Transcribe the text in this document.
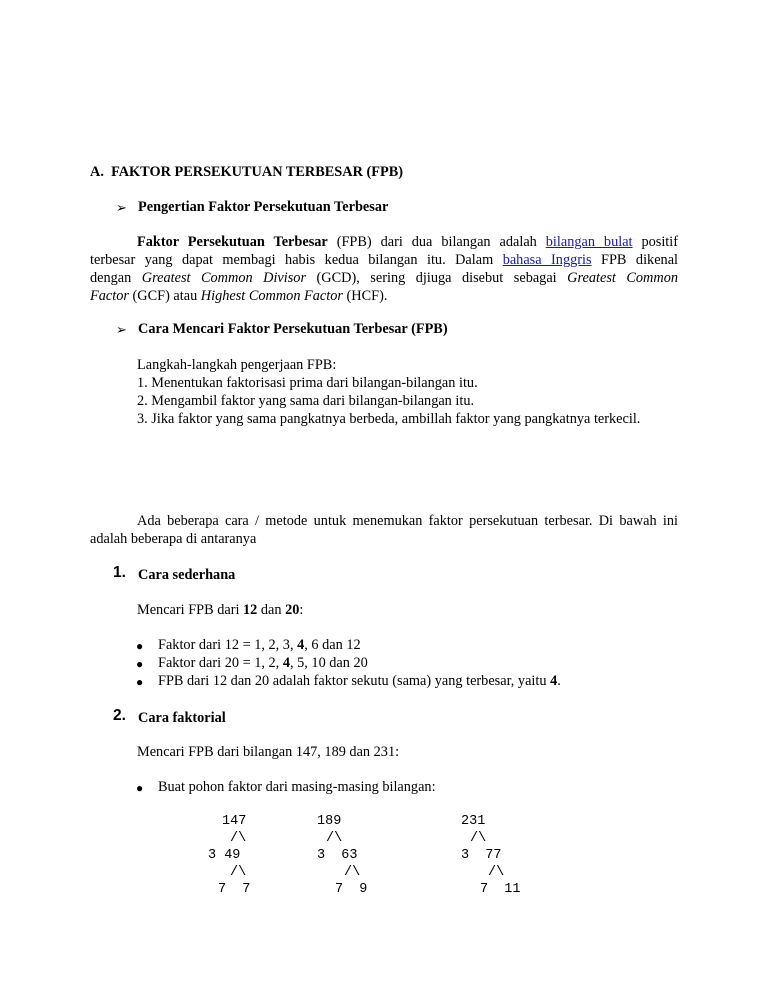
A. FAKTOR PERSEKUTUAN TERBESAR (FPB)
➢ Pengertian Faktor Persekutuan Terbesar
Faktor Persekutuan Terbesar (FPB) dari dua bilangan adalah bilangan bulat positif
terbesar yang dapat membagi habis kedua bilangan itu. Dalam bahasa Inggris FPB dikenal
dengan Greatest Common Divisor (GCD), sering djiuga disebut sebagai Greatest Common
Factor (GCF) atau Highest Common Factor (HCF).
➢ Cara Mencari Faktor Persekutuan Terbesar (FPB)
Langkah-langkah pengerjaan FPB:
1. Menentukan faktorisasi prima dari bilangan-bilangan itu.
2. Mengambil faktor yang sama dari bilangan-bilangan itu.
3. Jika faktor yang sama pangkatnya berbeda, ambillah faktor yang pangkatnya terkecil.
Ada beberapa cara / metode untuk menemukan faktor persekutuan terbesar. Di bawah ini
adalah beberapa di antaranya
1. Cara sederhana
Mencari FPB dari 12 dan 20:
● Faktor dari 12 = 1, 2, 3, 4, 6 dan 12
● Faktor dari 20 = 1, 2, 4, 5, 10 dan 20
● FPB dari 12 dan 20 adalah faktor sekutu (sama) yang terbesar, yaitu 4.
2. Cara faktorial
Mencari FPB dari bilangan 147, 189 dan 231:
● Buat pohon faktor dari masing-masing bilangan:
147	189	231
/\	/\	/\
3 49	3  63	3  77
/\	/\	/\
7  7	7  9	7  11
